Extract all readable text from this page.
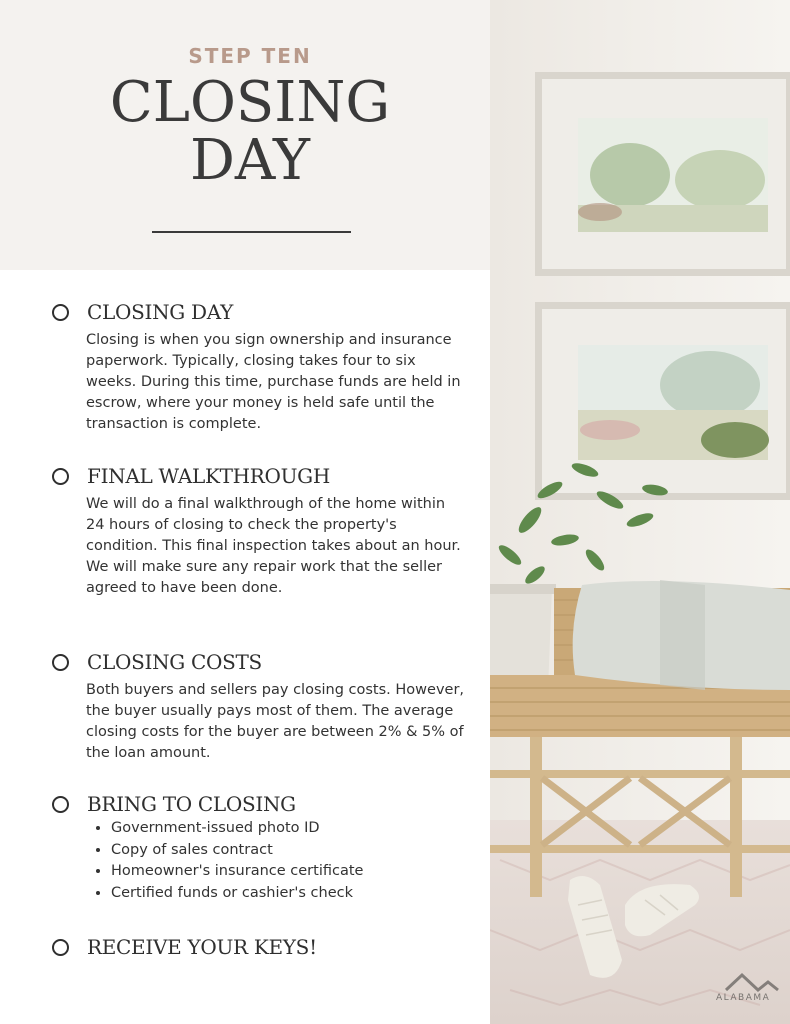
STEP TEN
CLOSING
DAY
CLOSING DAY
Closing is when you sign ownership and insurance paperwork. Typically, closing takes four to six weeks. During this time, purchase funds are held in escrow, where your money is held safe until the transaction is complete.
FINAL WALKTHROUGH
We will do a final walkthrough of the home within 24 hours of closing to check the property's condition. This final inspection takes about an hour. We will make sure any repair work that the seller agreed to have been done.
CLOSING COSTS
Both buyers and sellers pay closing costs. However, the buyer usually pays most of them. The average closing costs for the buyer are between 2% & 5% of the loan amount.
BRING TO CLOSING
• Government-issued photo ID
• Copy of sales contract
• Homeowner's insurance certificate
• Certified funds or cashier's check
RECEIVE YOUR KEYS!
ALABAMA
